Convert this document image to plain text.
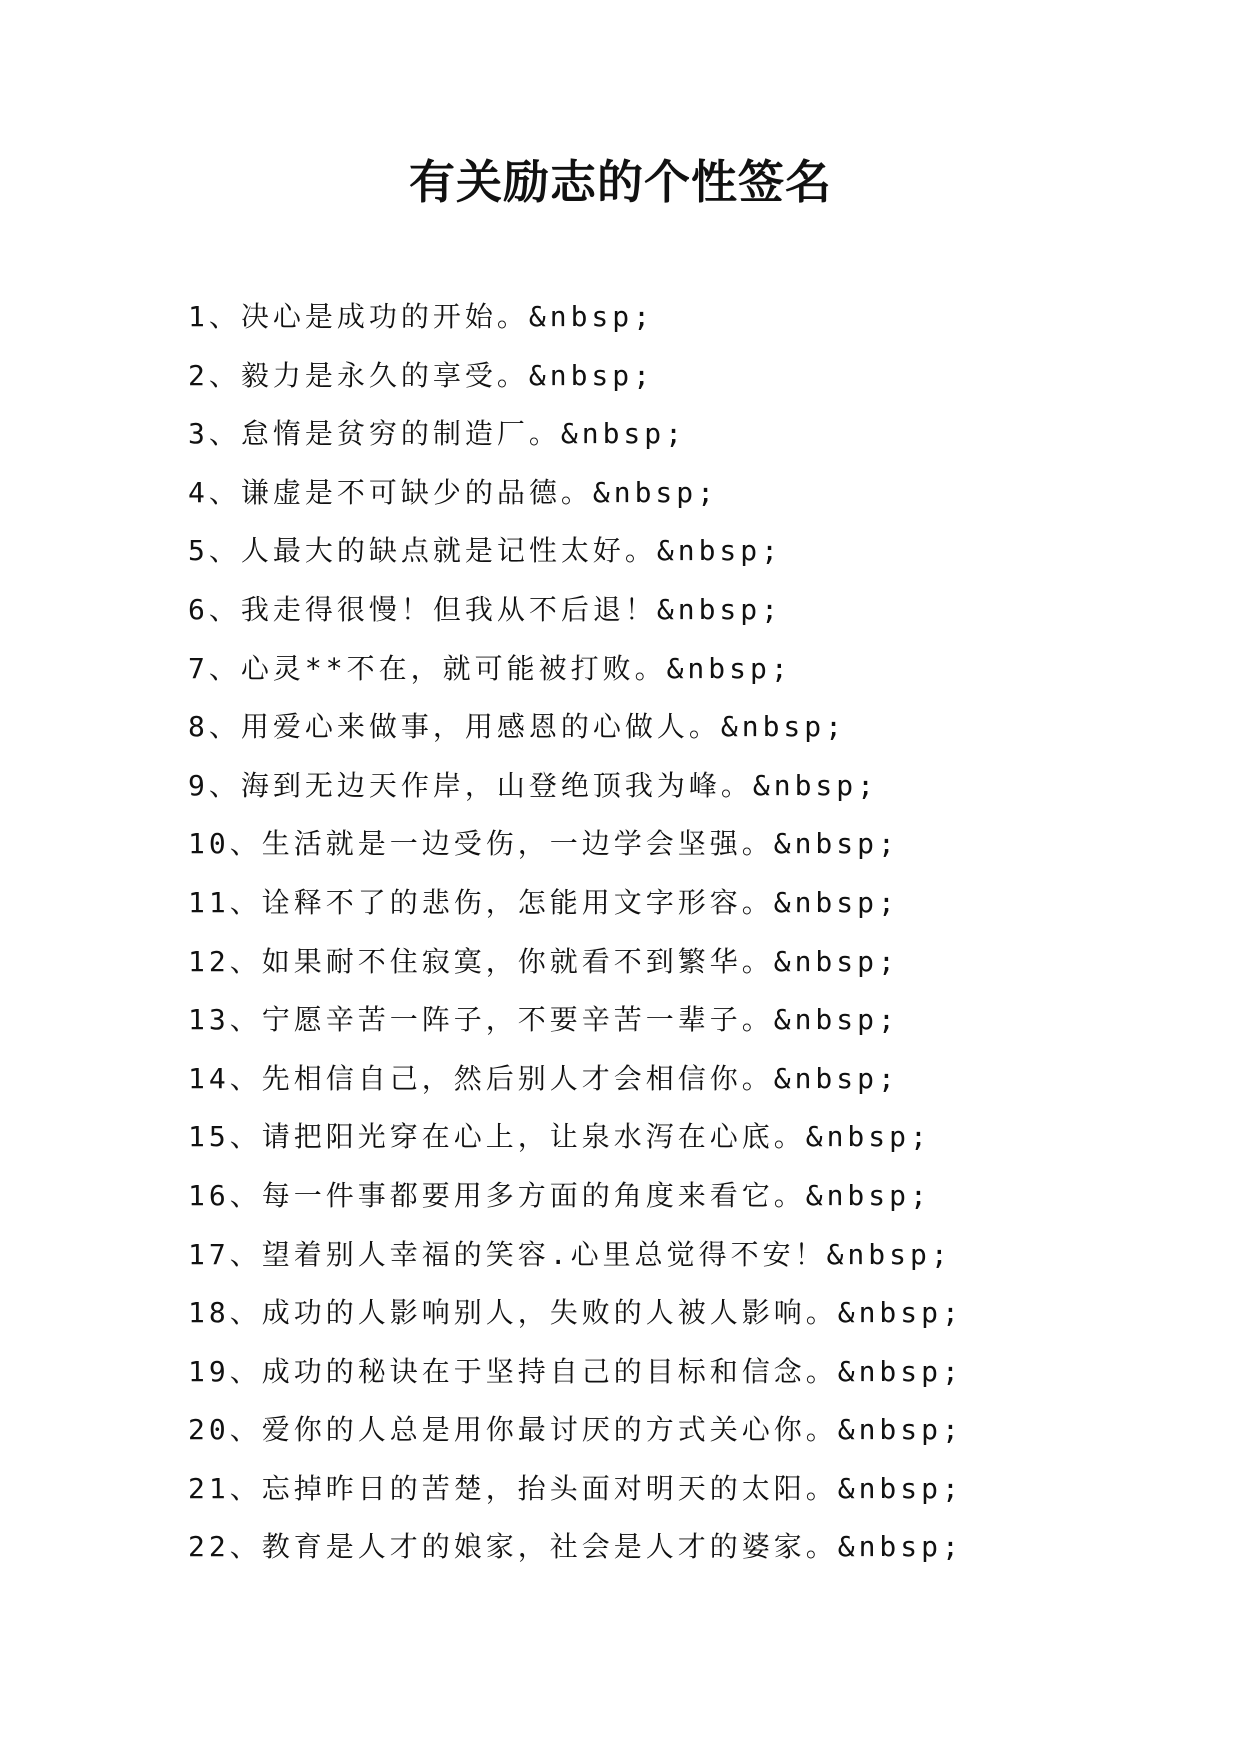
有关励志的个性签名
1、决心是成功的开始。&nbsp;
2、毅力是永久的享受。&nbsp;
3、怠惰是贫穷的制造厂。&nbsp;
4、谦虚是不可缺少的品德。&nbsp;
5、人最大的缺点就是记性太好。&nbsp;
6、我走得很慢！但我从不后退！&nbsp;
7、心灵**不在，就可能被打败。&nbsp;
8、用爱心来做事，用感恩的心做人。&nbsp;
9、海到无边天作岸，山登绝顶我为峰。&nbsp;
10、生活就是一边受伤，一边学会坚强。&nbsp;
11、诠释不了的悲伤，怎能用文字形容。&nbsp;
12、如果耐不住寂寞，你就看不到繁华。&nbsp;
13、宁愿辛苦一阵子，不要辛苦一辈子。&nbsp;
14、先相信自己，然后别人才会相信你。&nbsp;
15、请把阳光穿在心上，让泉水泻在心底。&nbsp;
16、每一件事都要用多方面的角度来看它。&nbsp;
17、望着别人幸福的笑容.心里总觉得不安！&nbsp;
18、成功的人影响别人，失败的人被人影响。&nbsp;
19、成功的秘诀在于坚持自己的目标和信念。&nbsp;
20、爱你的人总是用你最讨厌的方式关心你。&nbsp;
21、忘掉昨日的苦楚，抬头面对明天的太阳。&nbsp;
22、教育是人才的娘家，社会是人才的婆家。&nbsp;
